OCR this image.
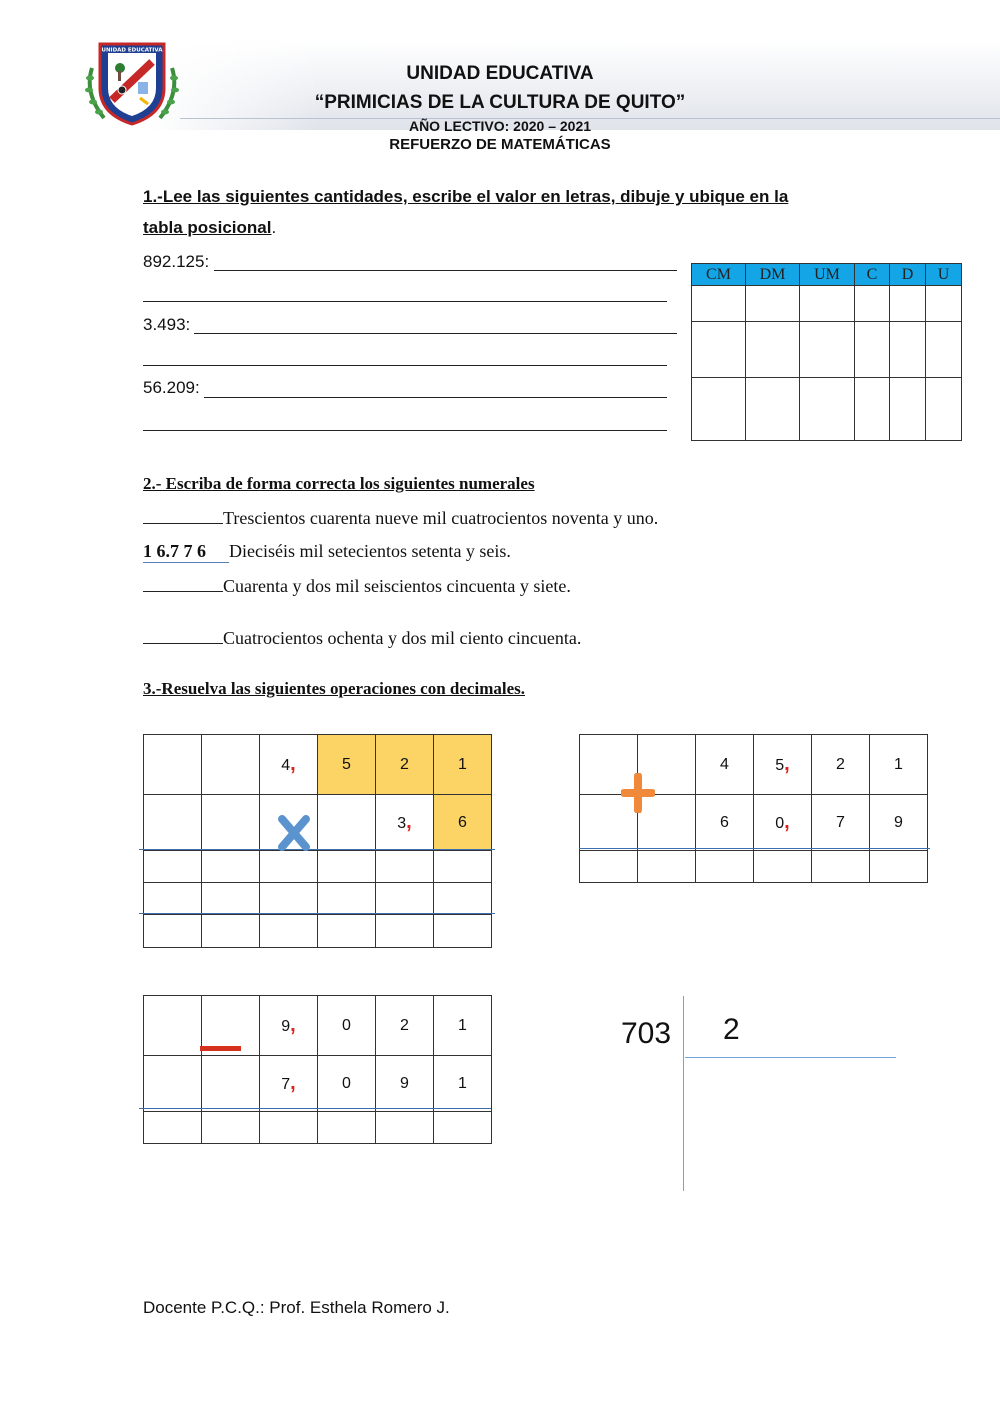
UNIDAD EDUCATIVA
UNIDAD EDUCATIVA
“PRIMICIAS DE LA CULTURA DE QUITO”
AÑO LECTIVO: 2020 – 2021
REFUERZO DE MATEMÁTICAS
1.-Lee las siguientes cantidades, escribe el valor en letras, dibuje y ubique en la
tabla posicional.
892.125:
3.493:
56.209:
CM	DM	UM	C	D	U

2.- Escriba de forma correcta los siguientes numerales
Trescientos cuarenta nueve mil cuatrocientos noventa y uno.
1 6.7 7 6 Dieciséis mil setecientos setenta y seis.
Cuarenta y dos mil seiscientos cincuenta y siete.
Cuatrocientos ochenta y dos mil ciento cincuenta.
3.-Resuelva las siguientes operaciones con decimales.
		4,	5	2	1
				3,	6

		4	5,	2	1
		6	0,	7	9

		9,	0	2	1
		7,	0	9	1

703 2
Docente P.C.Q.: Prof. Esthela Romero J.
